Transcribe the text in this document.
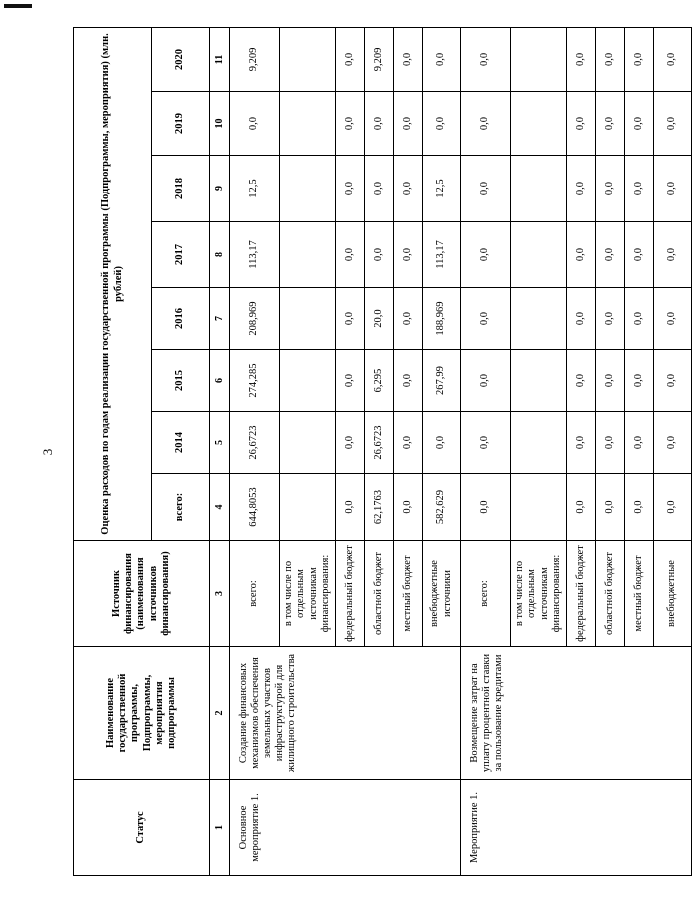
3
Статус	Наименование государственной программы, Подпрограммы, мероприятия подпрограммы	Источник финансирования (наименования источников финансирования)	Оценка расходов по годам реализации государственной программы (Подпрограммы, мероприятия) (млн. рублей)							
			всего:	2014	2015	2016	2017	2018	2019	2020
1	2	3	4	5	6	7	8	9	10	11
Основное мероприятие 1.	Создание финансовых механизмов обеспечения земельных участков инфраструктурой для жилищного строительства	всего:	644,8053	26,6723	274,285	208,969	113,17	12,5	0,0	9,209
		в том числе по отдельным источникам финансирования:								
		федеральный бюджет	0,0	0,0	0,0	0,0	0,0	0,0	0,0	0,0
		областной бюджет	62,1763	26,6723	6,295	20,0	0,0	0,0	0,0	9,209
		местный бюджет	0,0	0,0	0,0	0,0	0,0	0,0	0,0	0,0
		внебюджетные источники	582,629	0,0	267,99	188,969	113,17	12,5	0,0	0,0
Мероприятие 1.	Возмещение затрат на уплату процентной ставки за пользование кредитами	всего:	0,0	0,0	0,0	0,0	0,0	0,0	0,0	0,0
		в том числе по отдельным источникам финансирования:								
		федеральный бюджет	0,0	0,0	0,0	0,0	0,0	0,0	0,0	0,0
		областной бюджет	0,0	0,0	0,0	0,0	0,0	0,0	0,0	0,0
		местный бюджет	0,0	0,0	0,0	0,0	0,0	0,0	0,0	0,0
		внебюджетные	0,0	0,0	0,0	0,0	0,0	0,0	0,0	0,0
